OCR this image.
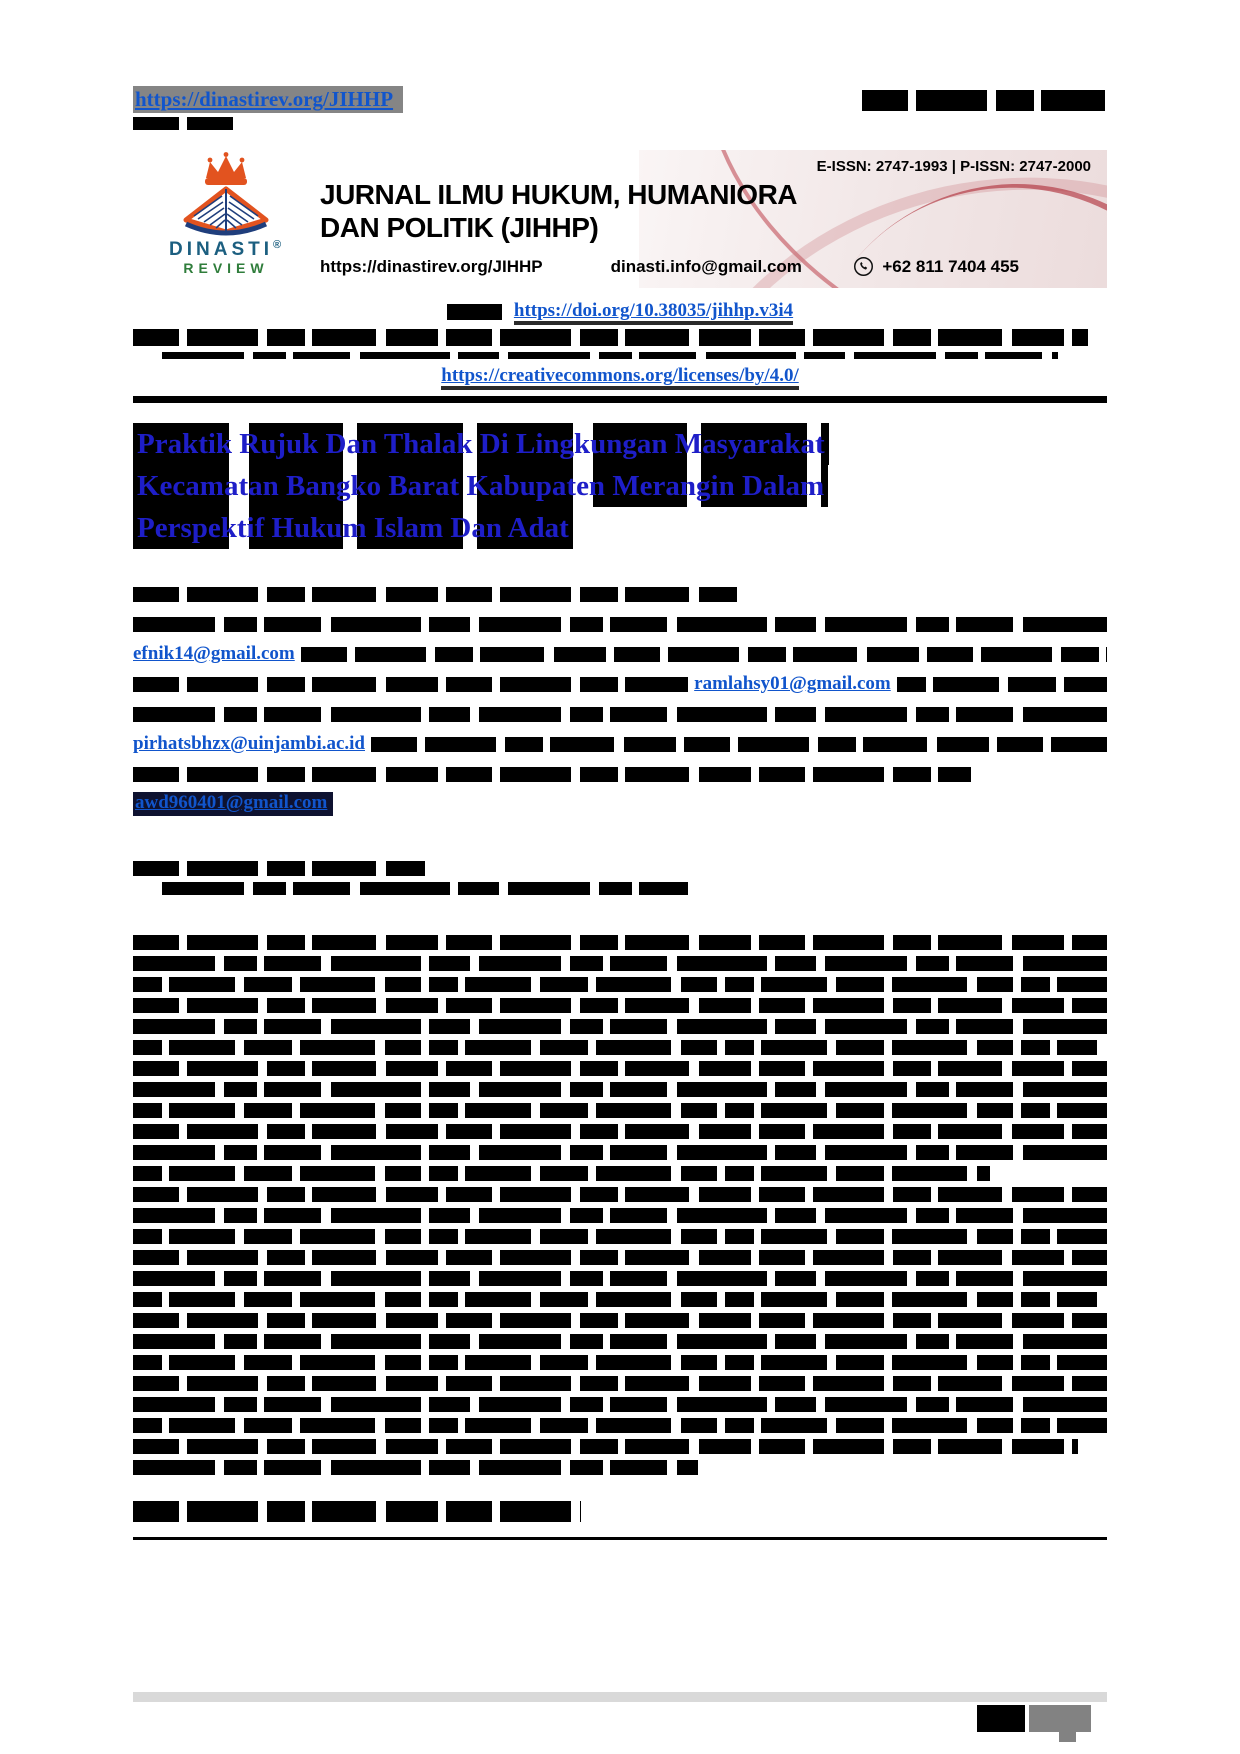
https://dinastirev.org/JIHHP
E-ISSN: 2747-1993 | P-ISSN: 2747-2000
DINASTI®
REVIEW
JURNAL ILMU HUKUM, HUMANIORA
DAN POLITIK (JIHHP)
https://dinastirev.org/JIHHP	dinasti.info@gmail.com	+62 811 7404 455
https://doi.org/10.38035/jihhp.v3i4
https://creativecommons.org/licenses/by/4.0/
Praktik Rujuk Dan Thalak Di Lingkungan Masyarakat
Kecamatan Bangko Barat Kabupaten Merangin Dalam
Perspektif Hukum Islam Dan Adat
efnik14@gmail.com
ramlahsy01@gmail.com
pirhatsbhzx@uinjambi.ac.id
awd960401@gmail.com
